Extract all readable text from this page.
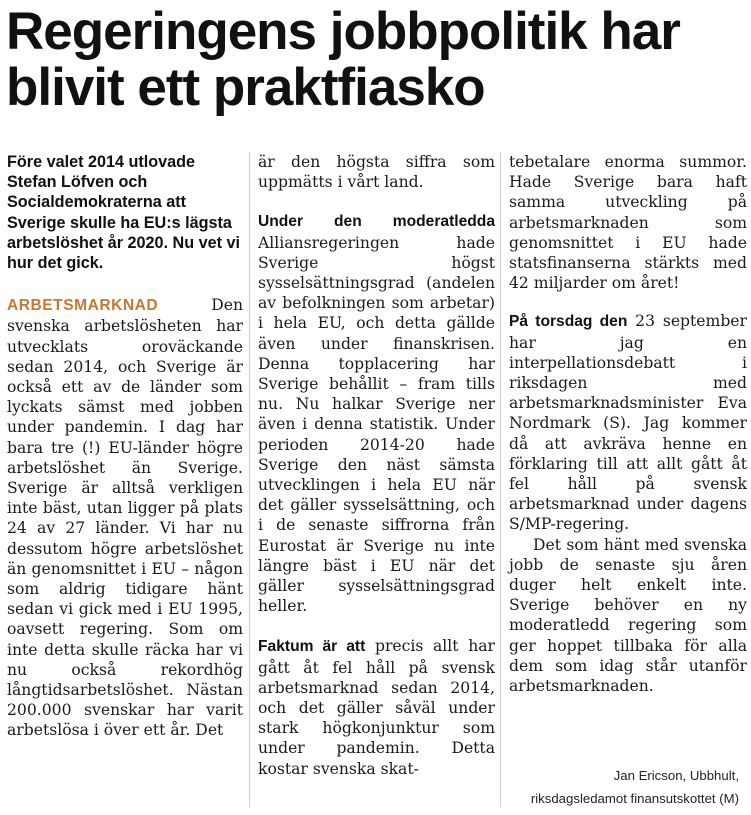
Regeringens jobbpolitik har blivit ett praktfiasko

Före valet 2014 utlovade Stefan Löfven och Socialdemokraterna att Sverige skulle ha EU:s lägsta arbetslöshet år 2020. Nu vet vi hur det gick.

ARBETSMARKNAD	Den svenska arbetslösheten har utvecklats oroväckande sedan 2014, och Sverige är också ett av de länder som lyckats sämst med jobben under pandemin. I dag har bara tre (!) EU-länder högre arbetslöshet än Sverige. Sverige är alltså verkligen inte bäst, utan ligger på plats 24 av 27 länder. Vi har nu dessutom högre arbetslöshet än genomsnittet i EU – någon som aldrig tidigare hänt sedan vi gick med i EU 1995, oavsett regering. Som om inte detta skulle räcka har vi nu också rekordhög långtidsarbetslöshet. Nästan 200.000 svenskar har varit arbetslösa i över ett år. Det

är den högsta siffra som uppmätts i vårt land.

Under den moderatledda Alliansregeringen hade Sverige högst sysselsättningsgrad (andelen av befolkningen som arbetar) i hela EU, och detta gällde även under finanskrisen. Denna topplacering har Sverige behållit – fram tills nu. Nu halkar Sverige ner även i denna statistik. Under perioden 2014-20 hade Sverige den näst sämsta utvecklingen i hela EU när det gäller sysselsättning, och i de senaste siffrorna från Eurostat är Sverige nu inte längre bäst i EU när det gäller sysselsättningsgrad heller.

Faktum är att precis allt har gått åt fel håll på svensk arbetsmarknad sedan 2014, och det gäller såväl under stark högkonjunktur som under pandemin. Detta kostar svenska skat-

tebetalare enorma summor. Hade Sverige bara haft samma utveckling på arbetsmarknaden som genomsnittet i EU hade statsfinanserna stärkts med 42 miljarder om året!

På torsdag den 23 september har jag en interpellationsdebatt i riksdagen med arbetsmarknadsminister Eva Nordmark (S). Jag kommer då att avkräva henne en förklaring till att allt gått åt fel håll på svensk arbetsmarknad under dagens S/MP-regering.

Det som hänt med svenska jobb de senaste sju åren duger helt enkelt inte. Sverige behöver en ny moderatledd regering som ger hoppet tillbaka för alla dem som idag står utanför arbetsmarknaden.

Jan Ericson, Ubbhult,
riksdagsledamot finansutskottet (M)
